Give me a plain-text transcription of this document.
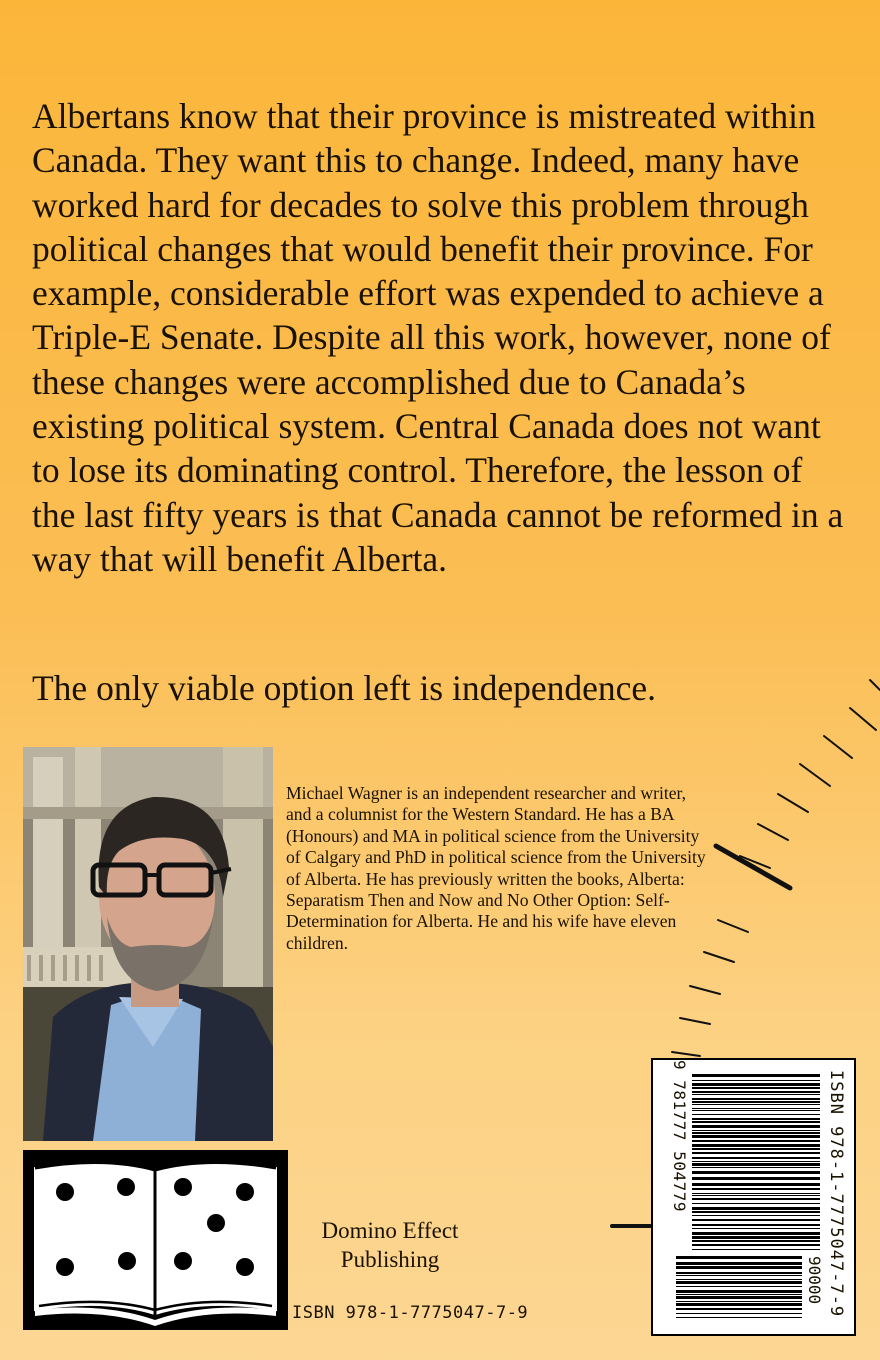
Albertans know that their province is mistreated within Canada. They want this to change. Indeed, many have worked hard for decades to solve this problem through political changes that would benefit their province. For example, considerable effort was expended to achieve a Triple-E Senate. Despite all this work, however, none of these changes were accomplished due to Canada’s existing political system. Central Canada does not want to lose its dominating control. Therefore, the lesson of the last fifty years is that Canada cannot be reformed in a way that will benefit Alberta.

The only viable option left is independence.

Michael Wagner is an independent researcher and writer, and a columnist for the Western Standard. He has a BA (Honours) and MA in political science from the University of Calgary and PhD in political science from the University of Alberta. He has previously written the books, Alberta: Separatism Then and Now and No Other Option: Self-Determination for Alberta. He and his wife have eleven children.

Domino Effect
Publishing
ISBN 978-1-7775047-7-9	ISBN 978-1-7775047-7-9
9 781777 504779
90000
